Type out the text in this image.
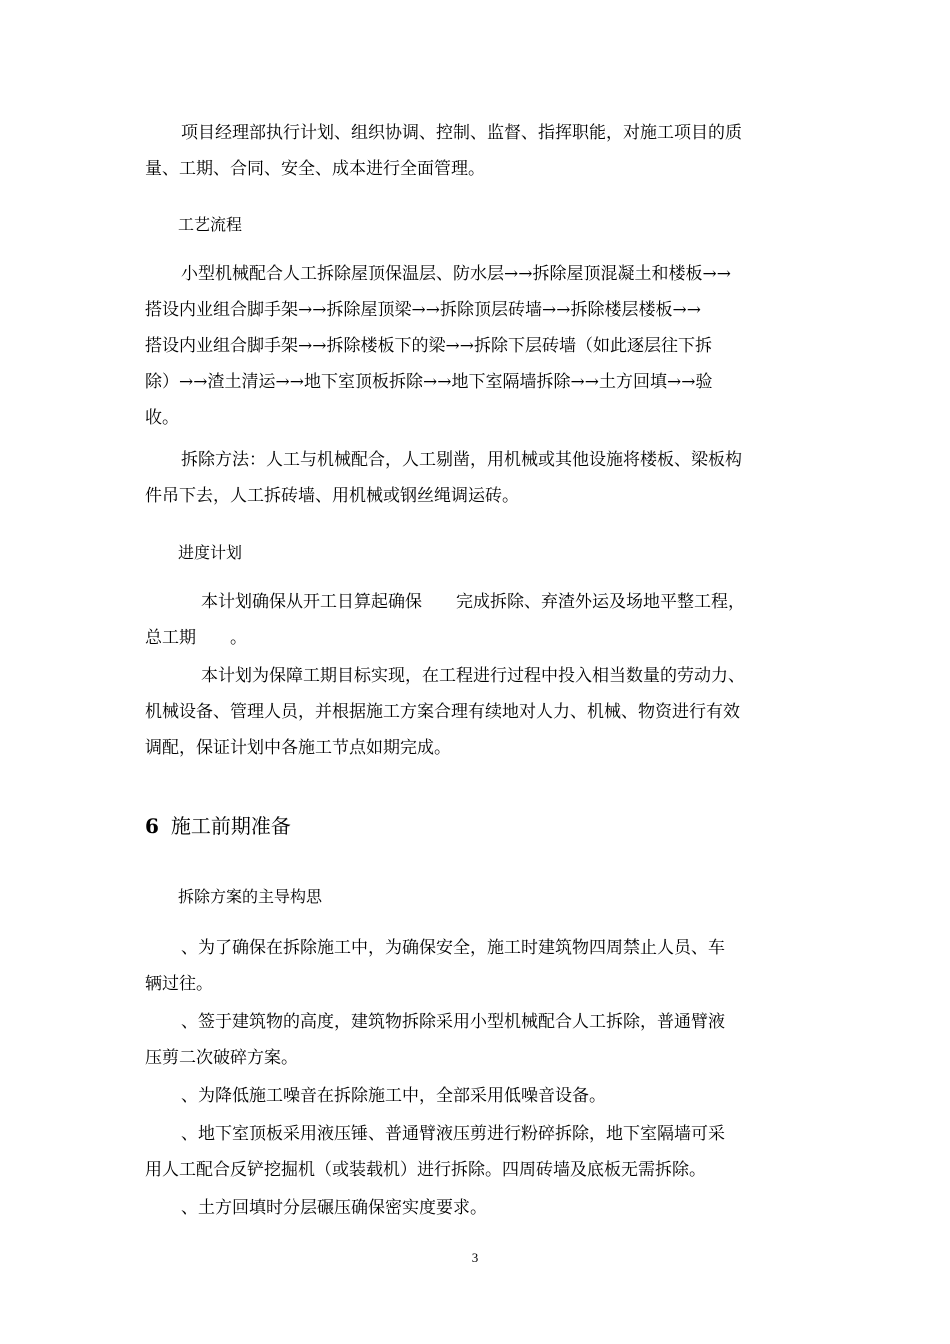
项目经理部执行计划、组织协调、控制、监督、指挥职能，对施工项目的质
量、工期、合同、安全、成本进行全面管理。
工艺流程
小型机械配合人工拆除屋顶保温层、防水层→→拆除屋顶混凝土和楼板→→
搭设内业组合脚手架→→拆除屋顶梁→→拆除顶层砖墙→→拆除楼层楼板→→
搭设内业组合脚手架→→拆除楼板下的梁→→拆除下层砖墙（如此逐层往下拆
除）→→渣土清运→→地下室顶板拆除→→地下室隔墙拆除→→土方回填→→验
收。
拆除方法：人工与机械配合，人工剔凿，用机械或其他设施将楼板、梁板构
件吊下去，人工拆砖墙、用机械或钢丝绳调运砖。
进度计划
本计划确保从开工日算起确保　　完成拆除、弃渣外运及场地平整工程，
总工期　　。
本计划为保障工期目标实现，在工程进行过程中投入相当数量的劳动力、
机械设备、管理人员，并根据施工方案合理有续地对人力、机械、物资进行有效
调配，保证计划中各施工节点如期完成。
6 施工前期准备
拆除方案的主导构思
、为了确保在拆除施工中，为确保安全，施工时建筑物四周禁止人员、车
辆过往。
、签于建筑物的高度，建筑物拆除采用小型机械配合人工拆除，普通臂液
压剪二次破碎方案。
、为降低施工噪音在拆除施工中，全部采用低噪音设备。
、地下室顶板采用液压锤、普通臂液压剪进行粉碎拆除，地下室隔墙可采
用人工配合反铲挖掘机（或装载机）进行拆除。四周砖墙及底板无需拆除。
、土方回填时分层碾压确保密实度要求。
3
